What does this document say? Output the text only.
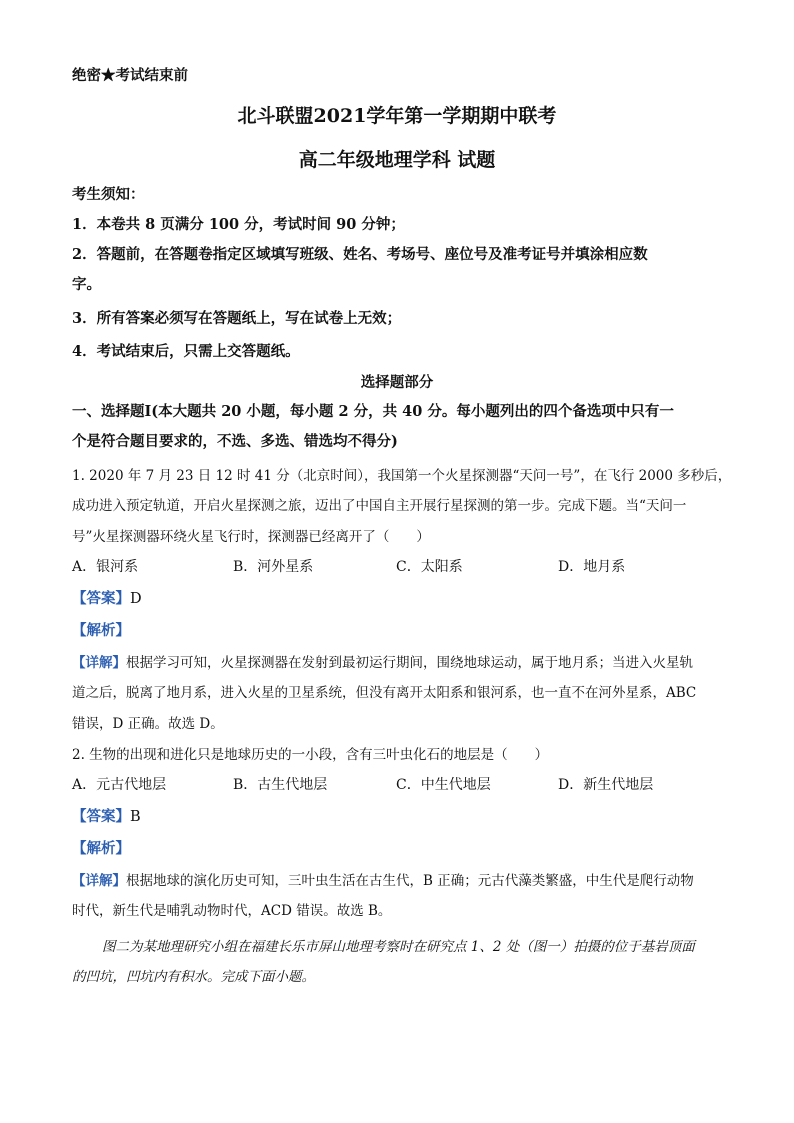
绝密★考试结束前
北斗联盟2021学年第一学期期中联考
高二年级地理学科 试题
考生须知：
1．本卷共 8 页满分 100 分，考试时间 90 分钟；
2．答题前，在答题卷指定区域填写班级、姓名、考场号、座位号及准考证号并填涂相应数
字。
3．所有答案必须写在答题纸上，写在试卷上无效；
4．考试结束后，只需上交答题纸。
选择题部分
一、选择题Ⅰ(本大题共 20 小题，每小题 2 分，共 40 分。每小题列出的四个备选项中只有一
个是符合题目要求的，不选、多选、错选均不得分)
1. 2020 年 7 月 23 日 12 时 41 分（北京时间），我国第一个火星探测器“天问一号”，在飞行 2000 多秒后，
成功进入预定轨道，开启火星探测之旅，迈出了中国自主开展行星探测的第一步。完成下题。当“天问一
号”火星探测器环绕火星飞行时，探测器已经离开了（　　）
A．银河系	B．河外星系	C．太阳系	D．地月系
【答案】D
【解析】
【详解】根据学习可知，火星探测器在发射到最初运行期间，围绕地球运动，属于地月系；当进入火星轨
道之后，脱离了地月系，进入火星的卫星系统，但没有离开太阳系和银河系，也一直不在河外星系，ABC
错误，D 正确。故选 D。
2. 生物的出现和进化只是地球历史的一小段，含有三叶虫化石的地层是（　　）
A．元古代地层	B．古生代地层	C．中生代地层	D．新生代地层
【答案】B
【解析】
【详解】根据地球的演化历史可知，三叶虫生活在古生代，B 正确；元古代藻类繁盛，中生代是爬行动物
时代，新生代是哺乳动物时代，ACD 错误。故选 B。
图二为某地理研究小组在福建长乐市屏山地理考察时在研究点 1、2 处（图一）拍摄的位于基岩顶面
的凹坑，凹坑内有积水。完成下面小题。
